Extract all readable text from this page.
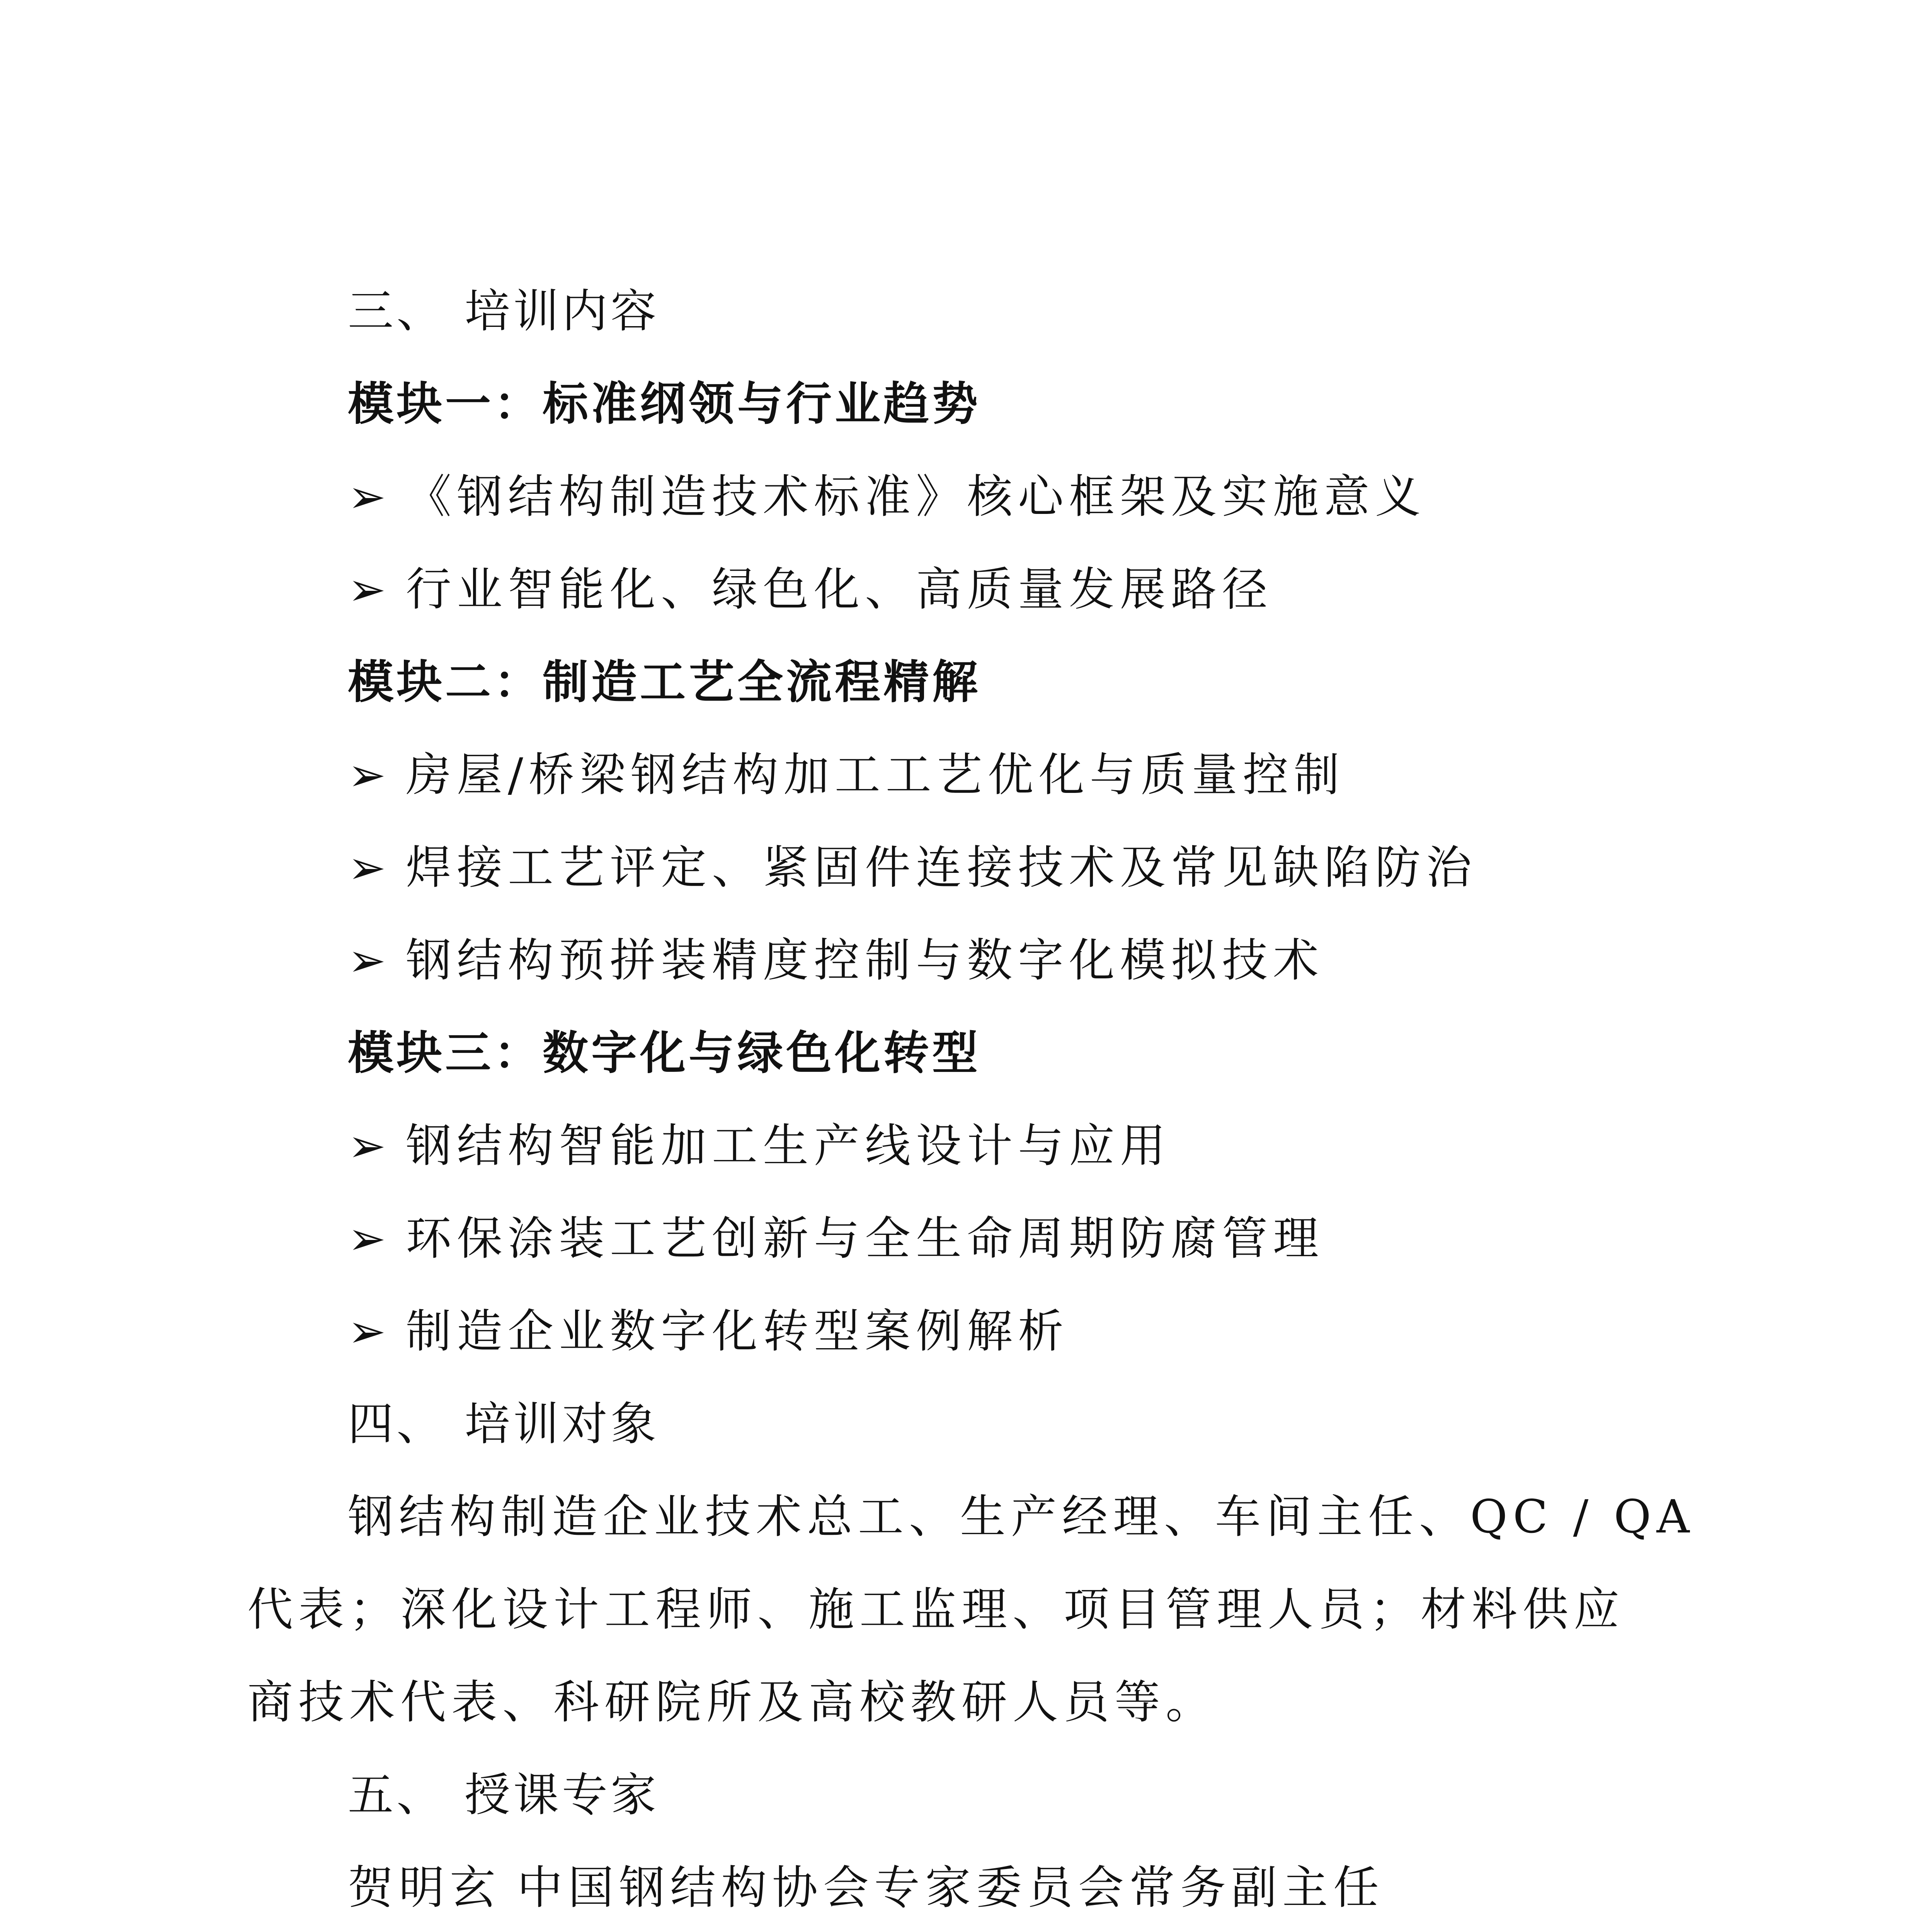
三、 培训内容
模块一：标准纲领与行业趋势
➢ 《钢结构制造技术标准》核心框架及实施意义
➢ 行业智能化、绿色化、高质量发展路径
模块二：制造工艺全流程精解
➢ 房屋/桥梁钢结构加工工艺优化与质量控制
➢ 焊接工艺评定、紧固件连接技术及常见缺陷防治
➢ 钢结构预拼装精度控制与数字化模拟技术
模块三：数字化与绿色化转型
➢ 钢结构智能加工生产线设计与应用
➢ 环保涂装工艺创新与全生命周期防腐管理
➢ 制造企业数字化转型案例解析
四、 培训对象
钢结构制造企业技术总工、生产经理、车间主任、QC / QA
代表；深化设计工程师、施工监理、项目管理人员；材料供应
商技术代表、科研院所及高校教研人员等。
五、 授课专家
贺明玄 中国钢结构协会专家委员会常务副主任
